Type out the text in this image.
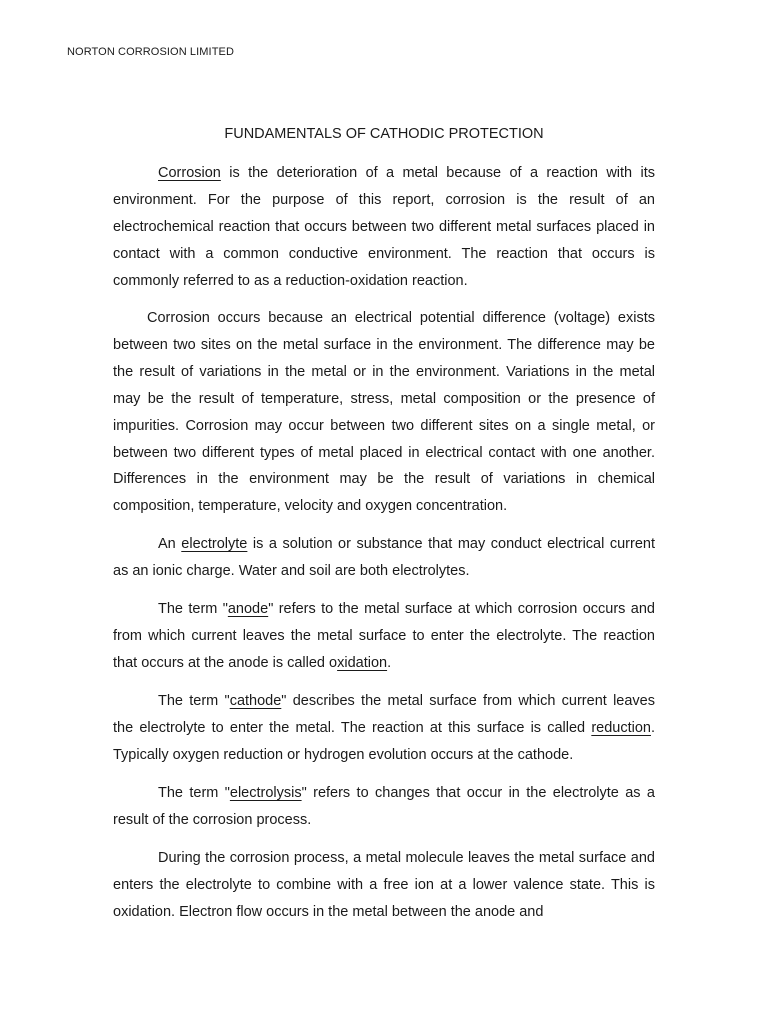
NORTON CORROSION LIMITED
FUNDAMENTALS OF CATHODIC PROTECTION

Corrosion is the deterioration of a metal because of a reaction with its environment. For the purpose of this report, corrosion is the result of an electrochemical reaction that occurs between two different metal surfaces placed in contact with a common conductive environment. The reaction that occurs is commonly referred to as a reduction-oxidation reaction.

Corrosion occurs because an electrical potential difference (voltage) exists between two sites on the metal surface in the environment. The difference may be the result of variations in the metal or in the environment. Variations in the metal may be the result of temperature, stress, metal composition or the presence of impurities. Corrosion may occur between two different sites on a single metal, or between two different types of metal placed in electrical contact with one another. Differences in the environment may be the result of variations in chemical composition, temperature, velocity and oxygen concentration.

An electrolyte is a solution or substance that may conduct electrical current as an ionic charge. Water and soil are both electrolytes.

The term "anode" refers to the metal surface at which corrosion occurs and from which current leaves the metal surface to enter the electrolyte. The reaction that occurs at the anode is called oxidation.

The term "cathode" describes the metal surface from which current leaves the electrolyte to enter the metal. The reaction at this surface is called reduction. Typically oxygen reduction or hydrogen evolution occurs at the cathode.

The term "electrolysis" refers to changes that occur in the electrolyte as a result of the corrosion process.

During the corrosion process, a metal molecule leaves the metal surface and enters the electrolyte to combine with a free ion at a lower valence state. This is oxidation. Electron flow occurs in the metal between the anode and
